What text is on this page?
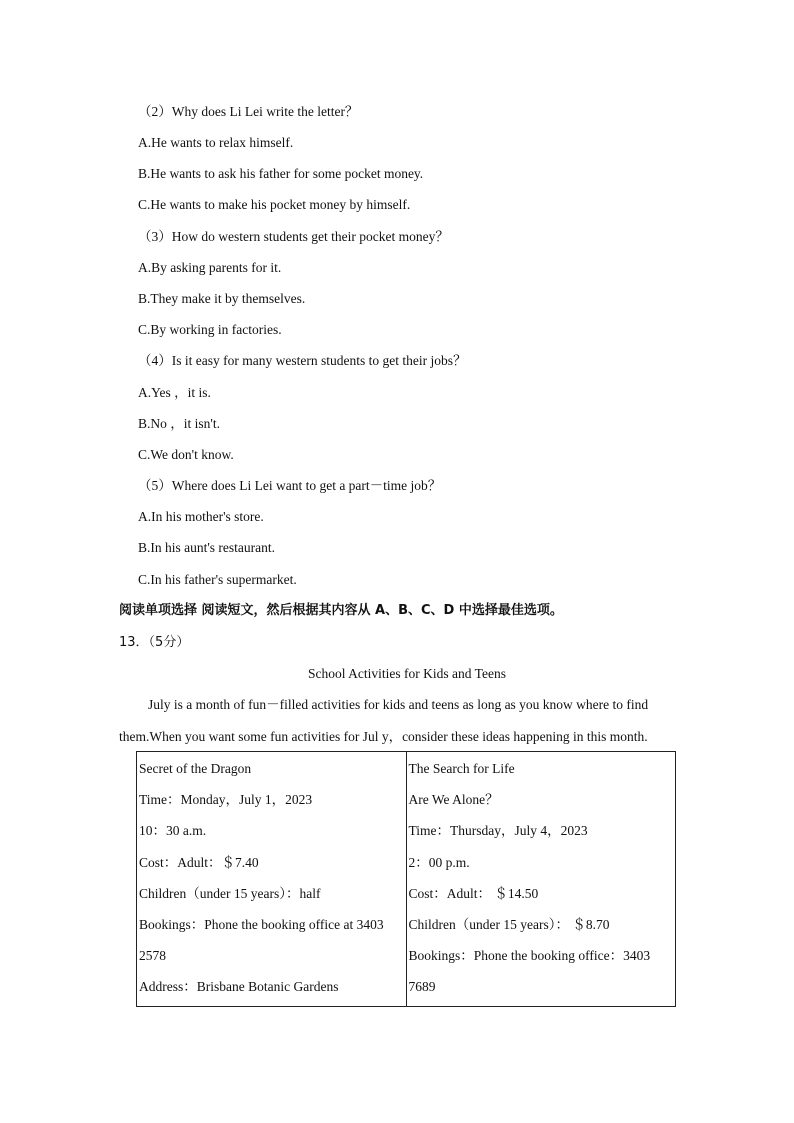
（2）Why does Li Lei write the letter？
A.He wants to relax himself.
B.He wants to ask his father for some pocket money.
C.He wants to make his pocket money by himself.
（3）How do western students get their pocket money？
A.By asking parents for it.
B.They make it by themselves.
C.By working in factories.
（4）Is it easy for many western students to get their jobs？
A.Yes ，it is.
B.No ，it isn't.
C.We don't know.
（5）Where does Li Lei want to get a part－time job？
A.In his mother's store.
B.In his aunt's restaurant.
C.In his father's supermarket.
阅读单项选择 阅读短文，然后根据其内容从 A、B、C、D 中选择最佳选项。
13．（5分）
School Activities for Kids and Teens
July is a month of fun－filled activities for kids and teens as long as you know where to find
them.When you want some fun activities for Jul y，consider these ideas happening in this month.
Secret of the Dragon
Time：Monday，July 1，2023
10：30 a.m.
Cost：Adult：＄7.40
Children（under 15 years）：half
Bookings：Phone the booking office at 3403
2578
Address：Brisbane Botanic Gardens

The Search for Life
Are We Alone？
Time：Thursday，July 4，2023
2：00 p.m.
Cost：Adult： ＄14.50
Children（under 15 years）： ＄8.70
Bookings：Phone the booking office：3403
7689
